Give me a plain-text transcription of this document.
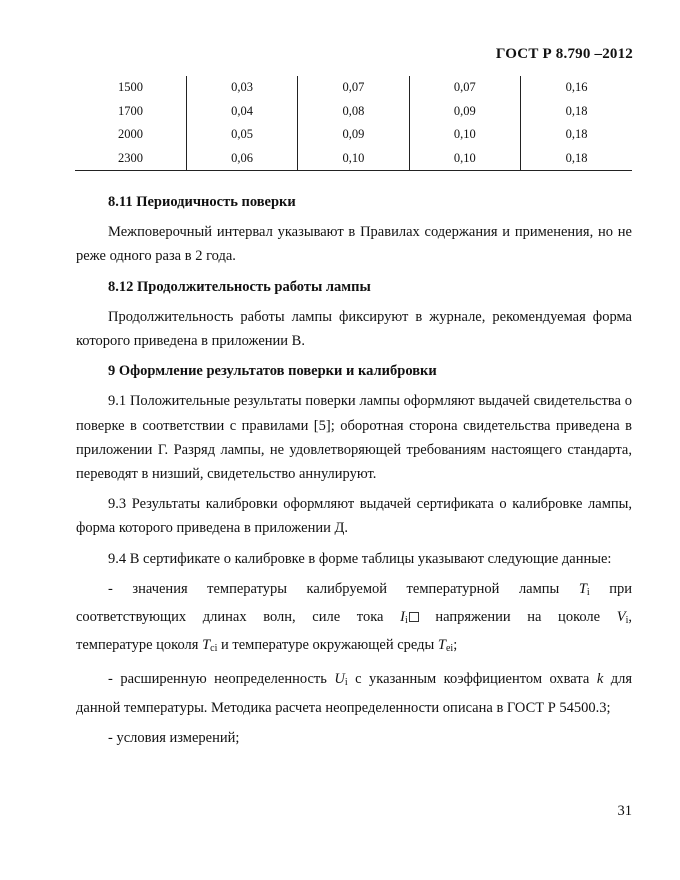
ГОСТ Р 8.790 –2012
1500	0,03	0,07	0,07	0,16
1700	0,04	0,08	0,09	0,18
2000	0,05	0,09	0,10	0,18
2300	0,06	0,10	0,10	0,18

8.11 Периодичность поверки

Межповерочный интервал указывают в Правилах содержания и применения, но не реже одного раза в 2 года.

8.12 Продолжительность работы лампы

Продолжительность работы лампы фиксируют в журнале, рекомендуемая форма которого приведена в приложении В.

9 Оформление результатов поверки и калибровки

9.1 Положительные результаты поверки лампы оформляют выдачей свидетельства о поверке в соответствии с правилами [5]; оборотная сторона свидетельства приведена в приложении Г. Разряд лампы, не удовлетворяющей требованиям настоящего стандарта, переводят в низший, свидетельство аннулируют.

9.3 Результаты калибровки оформляют выдачей сертификата о калибровке лампы, форма которого приведена в приложении Д.

9.4 В сертификате о калибровке в форме таблицы указывают следующие данные:

- значения температуры калибруемой температурной лампы $T_i$ при

соответствующих длинах волн, силе тока $I_i$ напряжении на цоколе $V_i$,

температуре цоколя $T_{ci}$ и температуре окружающей среды $T_{ei}$;

- расширенную неопределенность $U_i$ с указанным коэффициентом охвата k для данной температуры. Методика расчета неопределенности описана в ГОСТ Р 54500.3;

- условия измерений;

31
